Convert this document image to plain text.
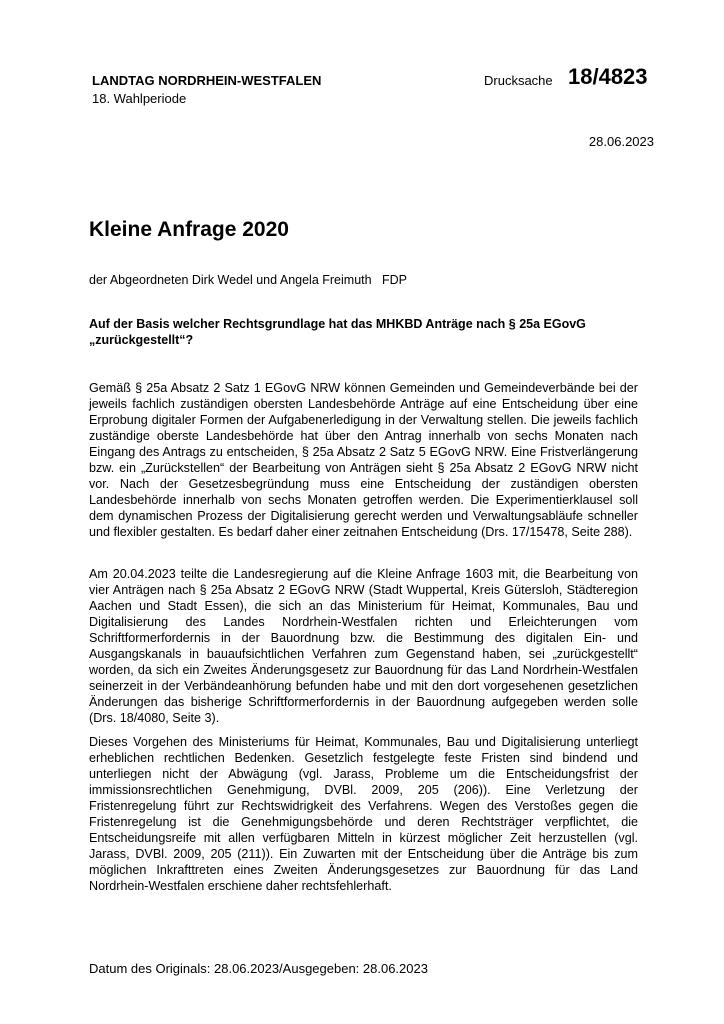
LANDTAG NORDRHEIN-WESTFALEN
18. Wahlperiode
Drucksache 18/4823
28.06.2023
Kleine Anfrage 2020
der Abgeordneten Dirk Wedel und Angela Freimuth   FDP
Auf der Basis welcher Rechtsgrundlage hat das MHKBD Anträge nach § 25a EGovG „zurückgestellt“?
Gemäß § 25a Absatz 2 Satz 1 EGovG NRW können Gemeinden und Gemeindeverbände bei der jeweils fachlich zuständigen obersten Landesbehörde Anträge auf eine Entscheidung über eine Erprobung digitaler Formen der Aufgabenerledigung in der Verwaltung stellen. Die jeweils fachlich zuständige oberste Landesbehörde hat über den Antrag innerhalb von sechs Monaten nach Eingang des Antrags zu entscheiden, § 25a Absatz 2 Satz 5 EGovG NRW. Eine Fristverlängerung bzw. ein „Zurückstellen“ der Bearbeitung von Anträgen sieht § 25a Absatz 2 EGovG NRW nicht vor. Nach der Gesetzesbegründung muss eine Entscheidung der zuständigen obersten Landesbehörde innerhalb von sechs Monaten getroffen werden. Die Experimentierklausel soll dem dynamischen Prozess der Digitalisierung gerecht werden und Verwaltungsabläufe schneller und flexibler gestalten. Es bedarf daher einer zeitnahen Entscheidung (Drs. 17/15478, Seite 288).
Am 20.04.2023 teilte die Landesregierung auf die Kleine Anfrage 1603 mit, die Bearbeitung von vier Anträgen nach § 25a Absatz 2 EGovG NRW (Stadt Wuppertal, Kreis Gütersloh, Städteregion Aachen und Stadt Essen), die sich an das Ministerium für Heimat, Kommunales, Bau und Digitalisierung des Landes Nordrhein-Westfalen richten und Erleichterungen vom Schriftformerfordernis in der Bauordnung bzw. die Bestimmung des digitalen Ein- und Ausgangskanals in bauaufsichtlichen Verfahren zum Gegenstand haben, sei „zurückgestellt“ worden, da sich ein Zweites Änderungsgesetz zur Bauordnung für das Land Nordrhein-Westfalen seinerzeit in der Verbändeanhörung befunden habe und mit den dort vorgesehenen gesetzlichen Änderungen das bisherige Schriftformerfordernis in der Bauordnung aufgegeben werden solle (Drs. 18/4080, Seite 3).
Dieses Vorgehen des Ministeriums für Heimat, Kommunales, Bau und Digitalisierung unterliegt erheblichen rechtlichen Bedenken. Gesetzlich festgelegte feste Fristen sind bindend und unterliegen nicht der Abwägung (vgl. Jarass, Probleme um die Entscheidungsfrist der immissionsrechtlichen Genehmigung, DVBl. 2009, 205 (206)). Eine Verletzung der Fristenregelung führt zur Rechtswidrigkeit des Verfahrens. Wegen des Verstoßes gegen die Fristenregelung ist die Genehmigungsbehörde und deren Rechtsträger verpflichtet, die Entscheidungsreife mit allen verfügbaren Mitteln in kürzest möglicher Zeit herzustellen (vgl. Jarass, DVBl. 2009, 205 (211)). Ein Zuwarten mit der Entscheidung über die Anträge bis zum möglichen Inkrafttreten eines Zweiten Änderungsgesetzes zur Bauordnung für das Land Nordrhein-Westfalen erschiene daher rechtsfehlerhaft.
Datum des Originals: 28.06.2023/Ausgegeben: 28.06.2023
